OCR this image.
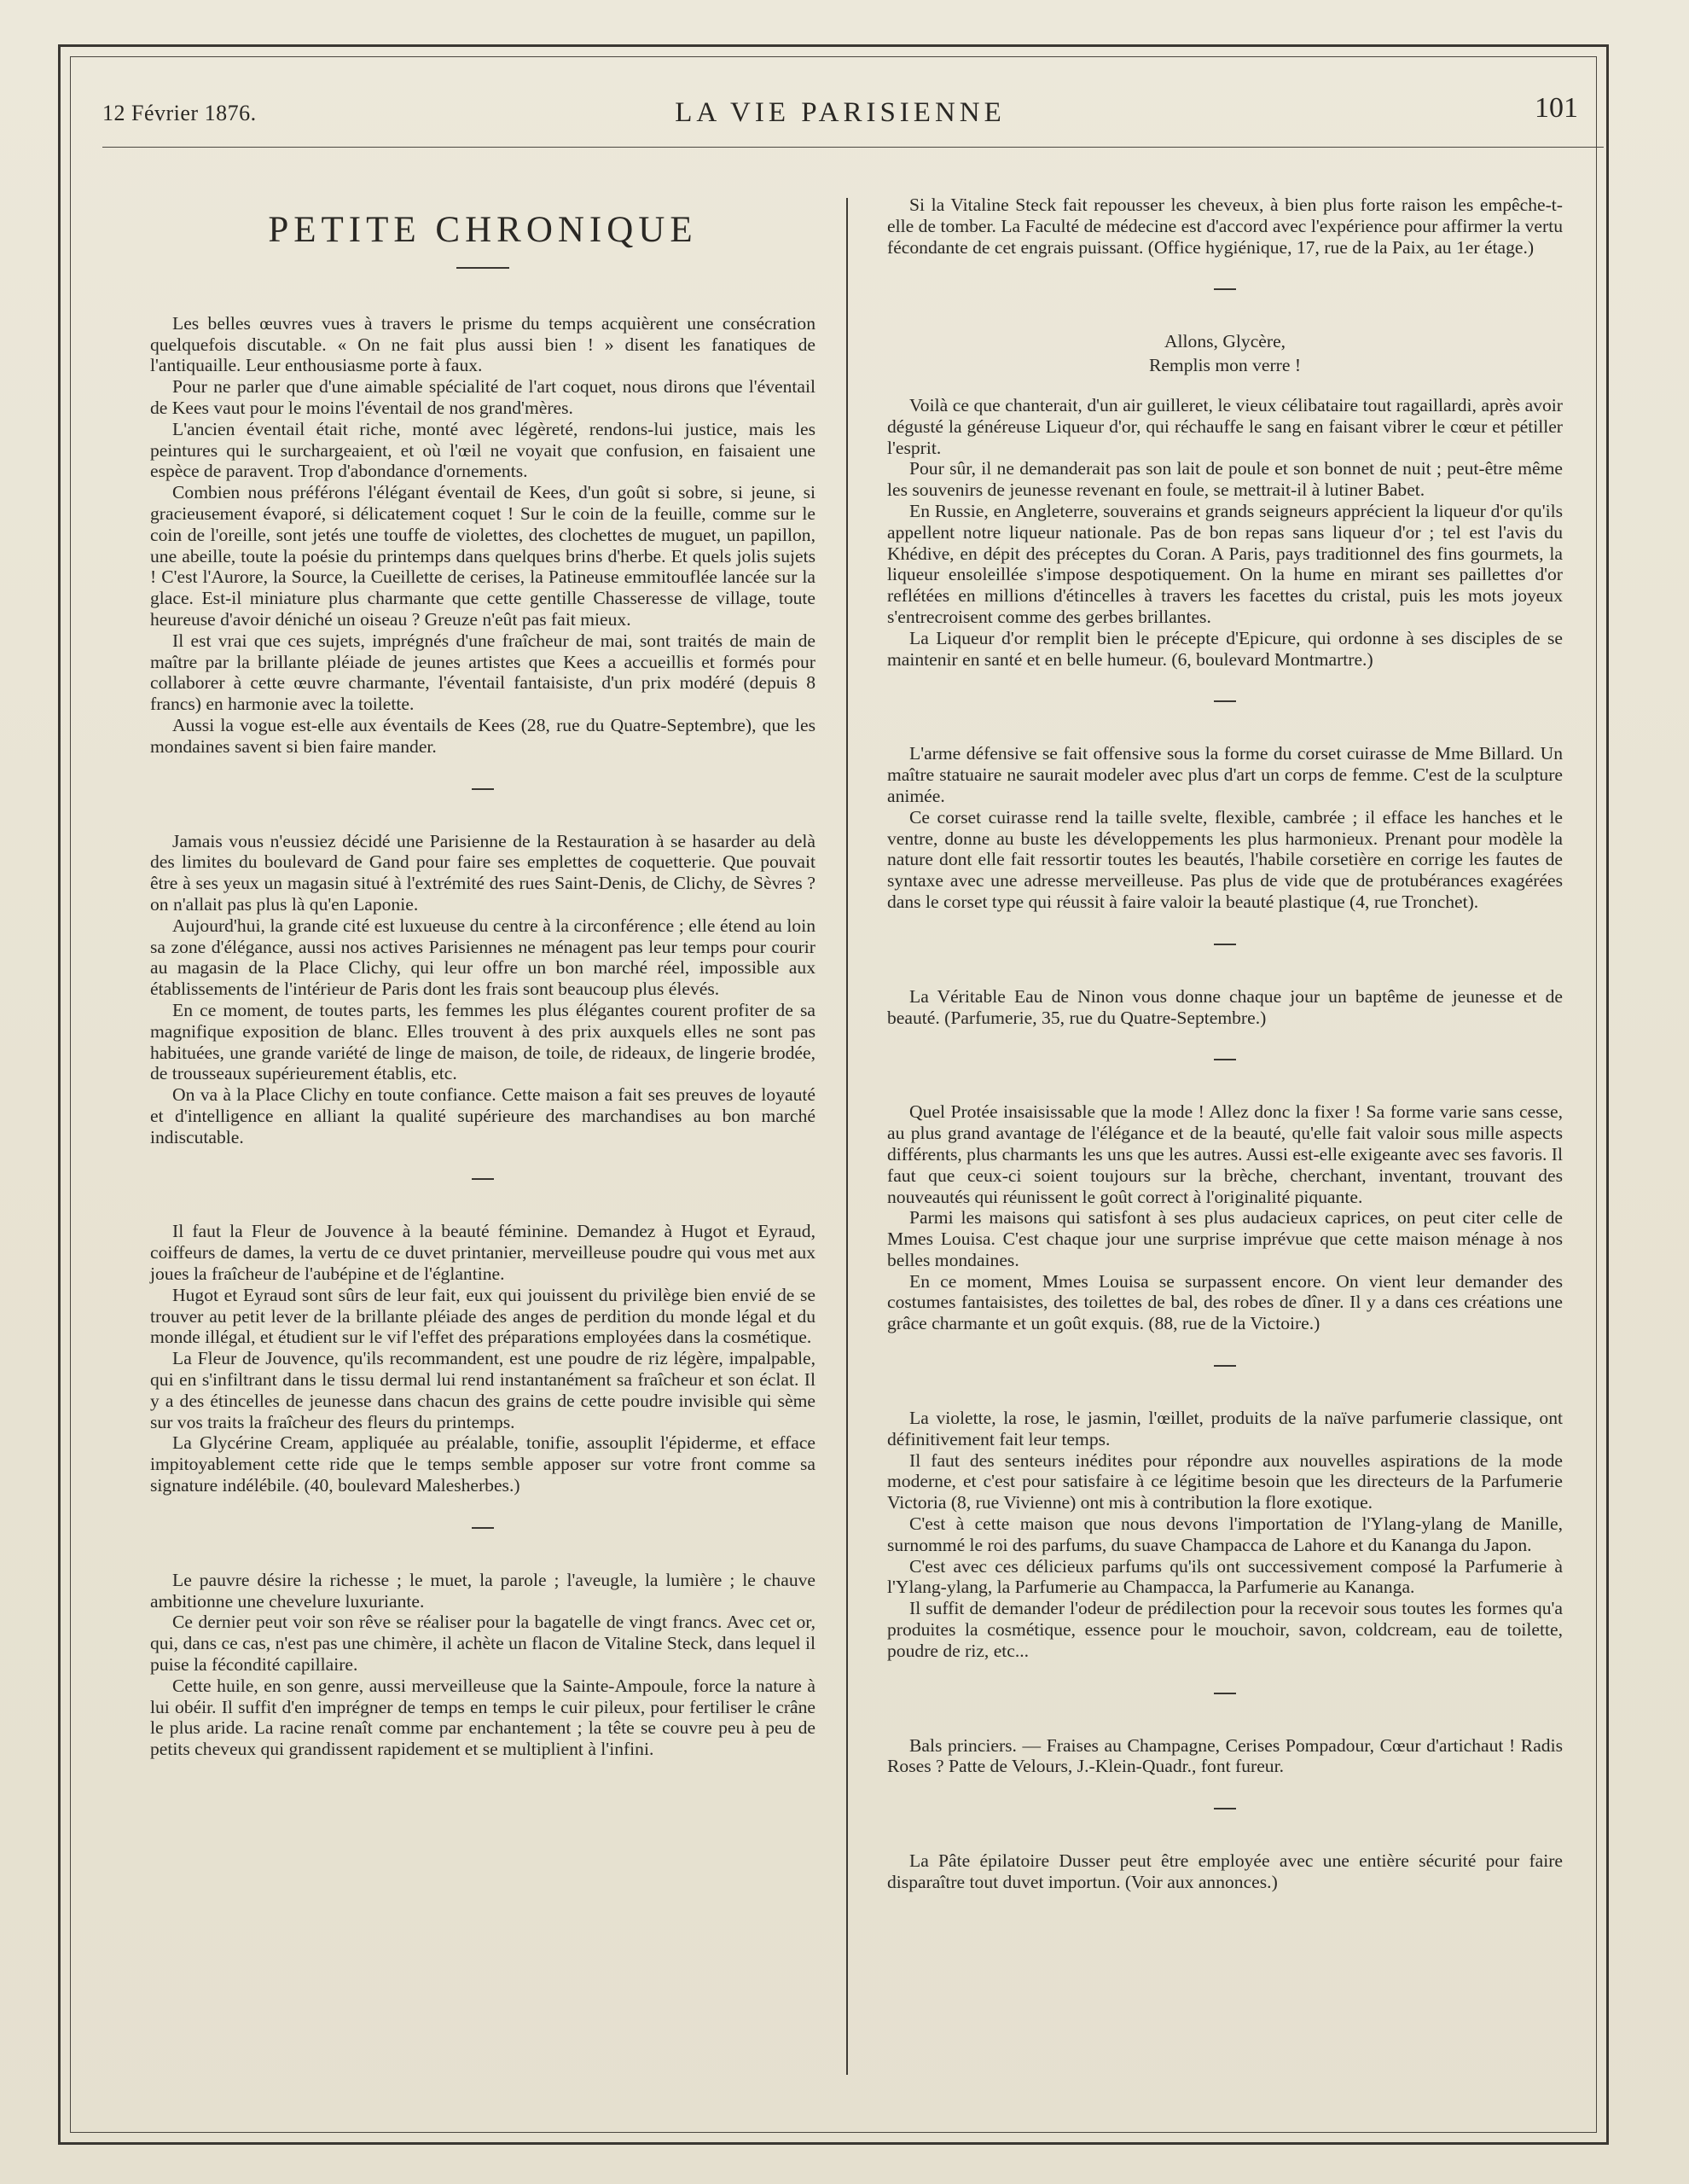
12 Février 1876.	LA VIE PARISIENNE	101
PETITE CHRONIQUE

Les belles œuvres vues à travers le prisme du temps acquièrent une consécration quelquefois discutable. « On ne fait plus aussi bien ! » disent les fanatiques de l'antiquaille. Leur enthousiasme porte à faux.

Pour ne parler que d'une aimable spécialité de l'art coquet, nous dirons que l'éventail de Kees vaut pour le moins l'éventail de nos grand'mères.

L'ancien éventail était riche, monté avec légèreté, rendons-lui justice, mais les peintures qui le surchargeaient, et où l'œil ne voyait que confusion, en faisaient une espèce de paravent. Trop d'abondance d'ornements.

Combien nous préférons l'élégant éventail de Kees, d'un goût si sobre, si jeune, si gracieusement évaporé, si délicatement coquet ! Sur le coin de la feuille, comme sur le coin de l'oreille, sont jetés une touffe de violettes, des clochettes de muguet, un papillon, une abeille, toute la poésie du printemps dans quelques brins d'herbe. Et quels jolis sujets ! C'est l'Aurore, la Source, la Cueillette de cerises, la Patineuse emmitouflée lancée sur la glace. Est-il miniature plus charmante que cette gentille Chasseresse de village, toute heureuse d'avoir déniché un oiseau ? Greuze n'eût pas fait mieux.

Il est vrai que ces sujets, imprégnés d'une fraîcheur de mai, sont traités de main de maître par la brillante pléiade de jeunes artistes que Kees a accueillis et formés pour collaborer à cette œuvre charmante, l'éventail fantaisiste, d'un prix modéré (depuis 8 francs) en harmonie avec la toilette.

Aussi la vogue est-elle aux éventails de Kees (28, rue du Quatre-Septembre), que les mondaines savent si bien faire mander.

Jamais vous n'eussiez décidé une Parisienne de la Restauration à se hasarder au delà des limites du boulevard de Gand pour faire ses emplettes de coquetterie. Que pouvait être à ses yeux un magasin situé à l'extrémité des rues Saint-Denis, de Clichy, de Sèvres ? on n'allait pas plus là qu'en Laponie.

Aujourd'hui, la grande cité est luxueuse du centre à la circonférence ; elle étend au loin sa zone d'élégance, aussi nos actives Parisiennes ne ménagent pas leur temps pour courir au magasin de la Place Clichy, qui leur offre un bon marché réel, impossible aux établissements de l'intérieur de Paris dont les frais sont beaucoup plus élevés.

En ce moment, de toutes parts, les femmes les plus élégantes courent profiter de sa magnifique exposition de blanc. Elles trouvent à des prix auxquels elles ne sont pas habituées, une grande variété de linge de maison, de toile, de rideaux, de lingerie brodée, de trousseaux supérieurement établis, etc.

On va à la Place Clichy en toute confiance. Cette maison a fait ses preuves de loyauté et d'intelligence en alliant la qualité supérieure des marchandises au bon marché indiscutable.

Il faut la Fleur de Jouvence à la beauté féminine. Demandez à Hugot et Eyraud, coiffeurs de dames, la vertu de ce duvet printanier, merveilleuse poudre qui vous met aux joues la fraîcheur de l'aubépine et de l'églantine.

Hugot et Eyraud sont sûrs de leur fait, eux qui jouissent du privilège bien envié de se trouver au petit lever de la brillante pléiade des anges de perdition du monde légal et du monde illégal, et étudient sur le vif l'effet des préparations employées dans la cosmétique.

La Fleur de Jouvence, qu'ils recommandent, est une poudre de riz légère, impalpable, qui en s'infiltrant dans le tissu dermal lui rend instantanément sa fraîcheur et son éclat. Il y a des étincelles de jeunesse dans chacun des grains de cette poudre invisible qui sème sur vos traits la fraîcheur des fleurs du printemps.

La Glycérine Cream, appliquée au préalable, tonifie, assouplit l'épiderme, et efface impitoyablement cette ride que le temps semble apposer sur votre front comme sa signature indélébile. (40, boulevard Malesherbes.)

Le pauvre désire la richesse ; le muet, la parole ; l'aveugle, la lumière ; le chauve ambitionne une chevelure luxuriante.

Ce dernier peut voir son rêve se réaliser pour la bagatelle de vingt francs. Avec cet or, qui, dans ce cas, n'est pas une chimère, il achète un flacon de Vitaline Steck, dans lequel il puise la fécondité capillaire.

Cette huile, en son genre, aussi merveilleuse que la Sainte-Ampoule, force la nature à lui obéir. Il suffit d'en imprégner de temps en temps le cuir pileux, pour fertiliser le crâne le plus aride. La racine renaît comme par enchantement ; la tête se couvre peu à peu de petits cheveux qui grandissent rapidement et se multiplient à l'infini.

Si la Vitaline Steck fait repousser les cheveux, à bien plus forte raison les empêche-t-elle de tomber. La Faculté de médecine est d'accord avec l'expérience pour affirmer la vertu fécondante de cet engrais puissant. (Office hygiénique, 17, rue de la Paix, au 1er étage.)

Allons, Glycère,

Remplis mon verre !

Voilà ce que chanterait, d'un air guilleret, le vieux célibataire tout ragaillardi, après avoir dégusté la généreuse Liqueur d'or, qui réchauffe le sang en faisant vibrer le cœur et pétiller l'esprit.

Pour sûr, il ne demanderait pas son lait de poule et son bonnet de nuit ; peut-être même les souvenirs de jeunesse revenant en foule, se mettrait-il à lutiner Babet.

En Russie, en Angleterre, souverains et grands seigneurs apprécient la liqueur d'or qu'ils appellent notre liqueur nationale. Pas de bon repas sans liqueur d'or ; tel est l'avis du Khédive, en dépit des préceptes du Coran. A Paris, pays traditionnel des fins gourmets, la liqueur ensoleillée s'impose despotiquement. On la hume en mirant ses paillettes d'or reflétées en millions d'étincelles à travers les facettes du cristal, puis les mots joyeux s'entrecroisent comme des gerbes brillantes.

La Liqueur d'or remplit bien le précepte d'Epicure, qui ordonne à ses disciples de se maintenir en santé et en belle humeur. (6, boulevard Montmartre.)

L'arme défensive se fait offensive sous la forme du corset cuirasse de Mme Billard. Un maître statuaire ne saurait modeler avec plus d'art un corps de femme. C'est de la sculpture animée.

Ce corset cuirasse rend la taille svelte, flexible, cambrée ; il efface les hanches et le ventre, donne au buste les développements les plus harmonieux. Prenant pour modèle la nature dont elle fait ressortir toutes les beautés, l'habile corsetière en corrige les fautes de syntaxe avec une adresse merveilleuse. Pas plus de vide que de protubérances exagérées dans le corset type qui réussit à faire valoir la beauté plastique (4, rue Tronchet).

La Véritable Eau de Ninon vous donne chaque jour un baptême de jeunesse et de beauté. (Parfumerie, 35, rue du Quatre-Septembre.)

Quel Protée insaisissable que la mode ! Allez donc la fixer ! Sa forme varie sans cesse, au plus grand avantage de l'élégance et de la beauté, qu'elle fait valoir sous mille aspects différents, plus charmants les uns que les autres. Aussi est-elle exigeante avec ses favoris. Il faut que ceux-ci soient toujours sur la brèche, cherchant, inventant, trouvant des nouveautés qui réunissent le goût correct à l'originalité piquante.

Parmi les maisons qui satisfont à ses plus audacieux caprices, on peut citer celle de Mmes Louisa. C'est chaque jour une surprise imprévue que cette maison ménage à nos belles mondaines.

En ce moment, Mmes Louisa se surpassent encore. On vient leur demander des costumes fantaisistes, des toilettes de bal, des robes de dîner. Il y a dans ces créations une grâce charmante et un goût exquis. (88, rue de la Victoire.)

La violette, la rose, le jasmin, l'œillet, produits de la naïve parfumerie classique, ont définitivement fait leur temps.

Il faut des senteurs inédites pour répondre aux nouvelles aspirations de la mode moderne, et c'est pour satisfaire à ce légitime besoin que les directeurs de la Parfumerie Victoria (8, rue Vivienne) ont mis à contribution la flore exotique.

C'est à cette maison que nous devons l'importation de l'Ylang-ylang de Manille, surnommé le roi des parfums, du suave Champacca de Lahore et du Kananga du Japon.

C'est avec ces délicieux parfums qu'ils ont successivement composé la Parfumerie à l'Ylang-ylang, la Parfumerie au Champacca, la Parfumerie au Kananga.

Il suffit de demander l'odeur de prédilection pour la recevoir sous toutes les formes qu'a produites la cosmétique, essence pour le mouchoir, savon, coldcream, eau de toilette, poudre de riz, etc...

Bals princiers. — Fraises au Champagne, Cerises Pompadour, Cœur d'artichaut ! Radis Roses ? Patte de Velours, J.-Klein-Quadr., font fureur.

La Pâte épilatoire Dusser peut être employée avec une entière sécurité pour faire disparaître tout duvet importun. (Voir aux annonces.)
